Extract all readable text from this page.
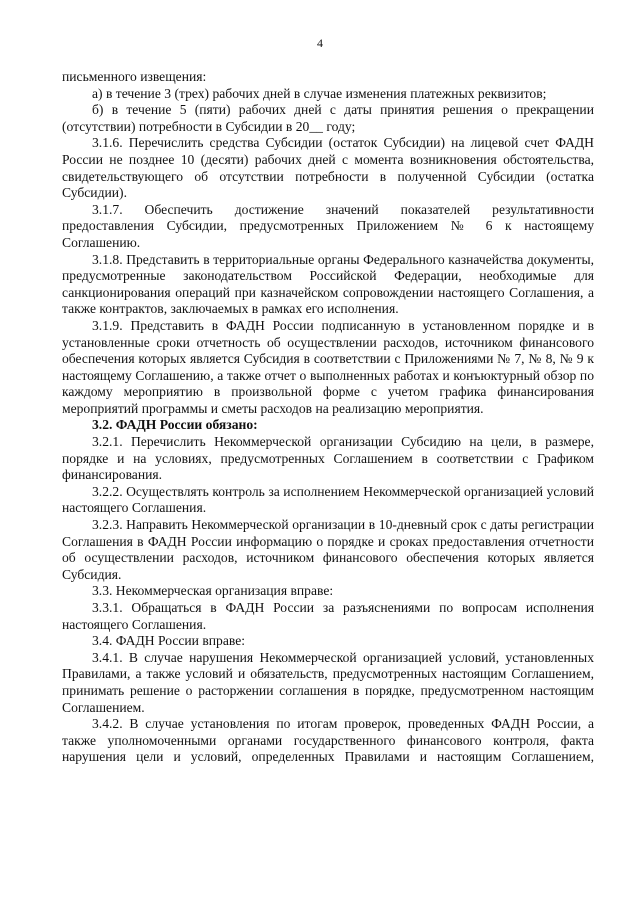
4

письменного извещения:

а) в течение 3 (трех) рабочих дней в случае изменения платежных реквизитов;

б) в течение 5 (пяти) рабочих дней с даты принятия решения о прекращении (отсутствии) потребности в Субсидии в 20__ году;

3.1.6. Перечислить средства Субсидии (остаток Субсидии) на лицевой счет ФАДН России не позднее 10 (десяти) рабочих дней с момента возникновения обстоятельства, свидетельствующего об отсутствии потребности в полученной Субсидии (остатка Субсидии).

3.1.7. Обеспечить достижение значений показателей результативности предоставления Субсидии, предусмотренных Приложением № 6 к настоящему Соглашению.

3.1.8. Представить в территориальные органы Федерального казначейства документы, предусмотренные законодательством Российской Федерации, необходимые для санкционирования операций при казначейском сопровождении настоящего Соглашения, а также контрактов, заключаемых в рамках его исполнения.

3.1.9. Представить в ФАДН России подписанную в установленном порядке и в установленные сроки отчетность об осуществлении расходов, источником финансового обеспечения которых является Субсидия в соответствии с Приложениями № 7, № 8, № 9 к настоящему Соглашению, а также отчет о выполненных работах и конъюктурный обзор по каждому мероприятию в произвольной форме с учетом графика финансирования мероприятий программы и сметы расходов на реализацию мероприятия.

3.2. ФАДН России обязано:

3.2.1. Перечислить Некоммерческой организации Субсидию на цели, в размере, порядке и на условиях, предусмотренных Соглашением в соответствии с Графиком финансирования.

3.2.2. Осуществлять контроль за исполнением Некоммерческой организацией условий настоящего Соглашения.

3.2.3. Направить Некоммерческой организации в 10-дневный срок с даты регистрации Соглашения в ФАДН России информацию о порядке и сроках предоставления отчетности об осуществлении расходов, источником финансового обеспечения которых является Субсидия.

3.3. Некоммерческая организация вправе:

3.3.1. Обращаться в ФАДН России за разъяснениями по вопросам исполнения настоящего Соглашения.

3.4. ФАДН России вправе:

3.4.1. В случае нарушения Некоммерческой организацией условий, установленных Правилами, а также условий и обязательств, предусмотренных настоящим Соглашением, принимать решение о расторжении соглашения в порядке, предусмотренном настоящим Соглашением.

3.4.2. В случае установления по итогам проверок, проведенных ФАДН России, а также уполномоченными органами государственного финансового контроля, факта нарушения цели и условий, определенных Правилами и настоящим Соглашением,
